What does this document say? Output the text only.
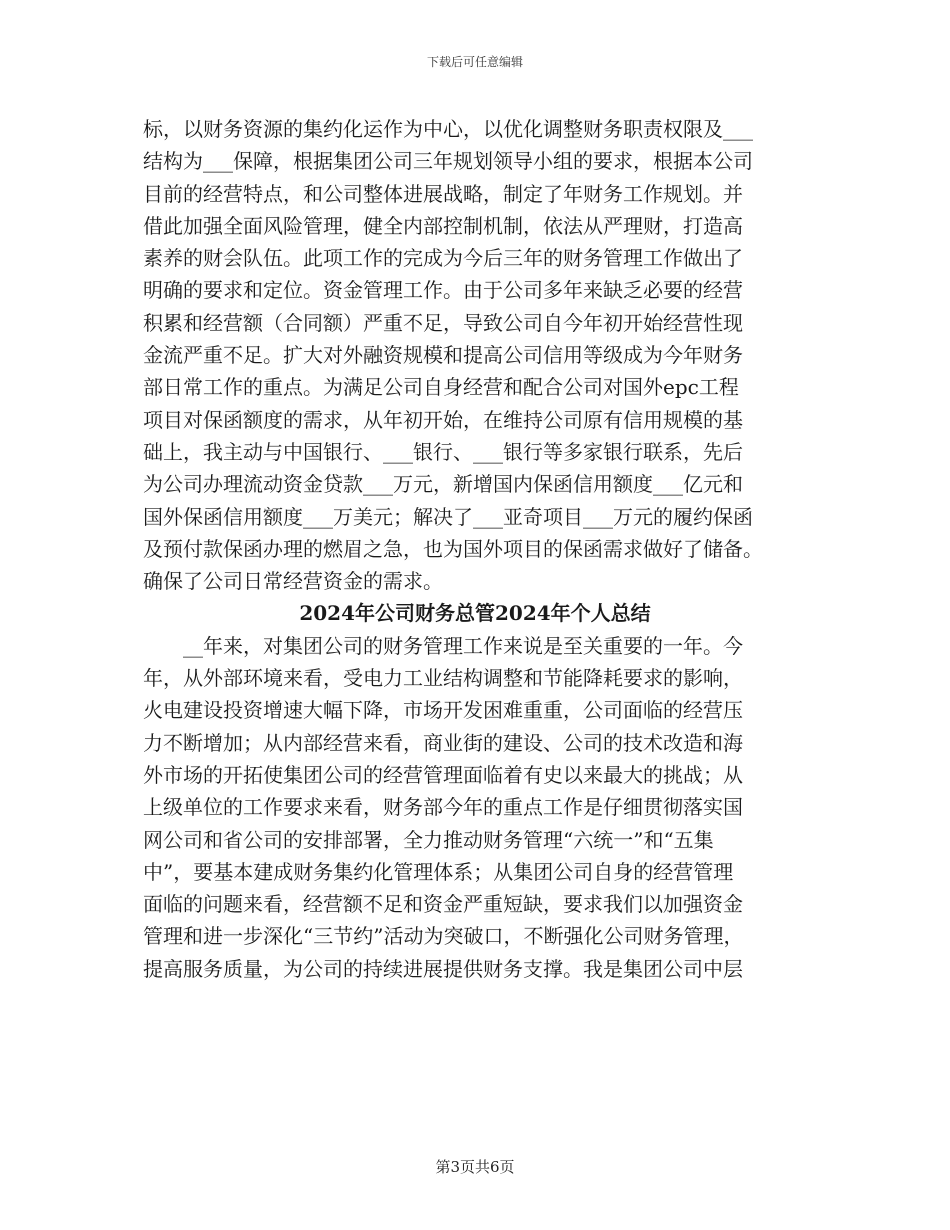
下载后可任意编辑
标，以财务资源的集约化运作为中心，以优化调整财务职责权限及___
结构为___保障，根据集团公司三年规划领导小组的要求，根据本公司
目前的经营特点，和公司整体进展战略，制定了年财务工作规划。并
借此加强全面风险管理，健全内部控制机制，依法从严理财，打造高
素养的财会队伍。此项工作的完成为今后三年的财务管理工作做出了
明确的要求和定位。资金管理工作。由于公司多年来缺乏必要的经营
积累和经营额（合同额）严重不足，导致公司自今年初开始经营性现
金流严重不足。扩大对外融资规模和提高公司信用等级成为今年财务
部日常工作的重点。为满足公司自身经营和配合公司对国外epc工程
项目对保函额度的需求，从年初开始，在维持公司原有信用规模的基
础上，我主动与中国银行、___银行、___银行等多家银行联系，先后
为公司办理流动资金贷款___万元，新增国内保函信用额度___亿元和
国外保函信用额度___万美元；解决了___亚奇项目___万元的履约保函
及预付款保函办理的燃眉之急，也为国外项目的保函需求做好了储备。
确保了公司日常经营资金的需求。
2024年公司财务总管2024年个人总结
　　__年来，对集团公司的财务管理工作来说是至关重要的一年。今
年，从外部环境来看，受电力工业结构调整和节能降耗要求的影响，
火电建设投资增速大幅下降，市场开发困难重重，公司面临的经营压
力不断增加；从内部经营来看，商业街的建设、公司的技术改造和海
外市场的开拓使集团公司的经营管理面临着有史以来最大的挑战；从
上级单位的工作要求来看，财务部今年的重点工作是仔细贯彻落实国
网公司和省公司的安排部署，全力推动财务管理“六统一”和“五集
中”，要基本建成财务集约化管理体系；从集团公司自身的经营管理
面临的问题来看，经营额不足和资金严重短缺，要求我们以加强资金
管理和进一步深化“三节约”活动为突破口，不断强化公司财务管理，
提高服务质量，为公司的持续进展提供财务支撑。我是集团公司中层
第3页共6页
